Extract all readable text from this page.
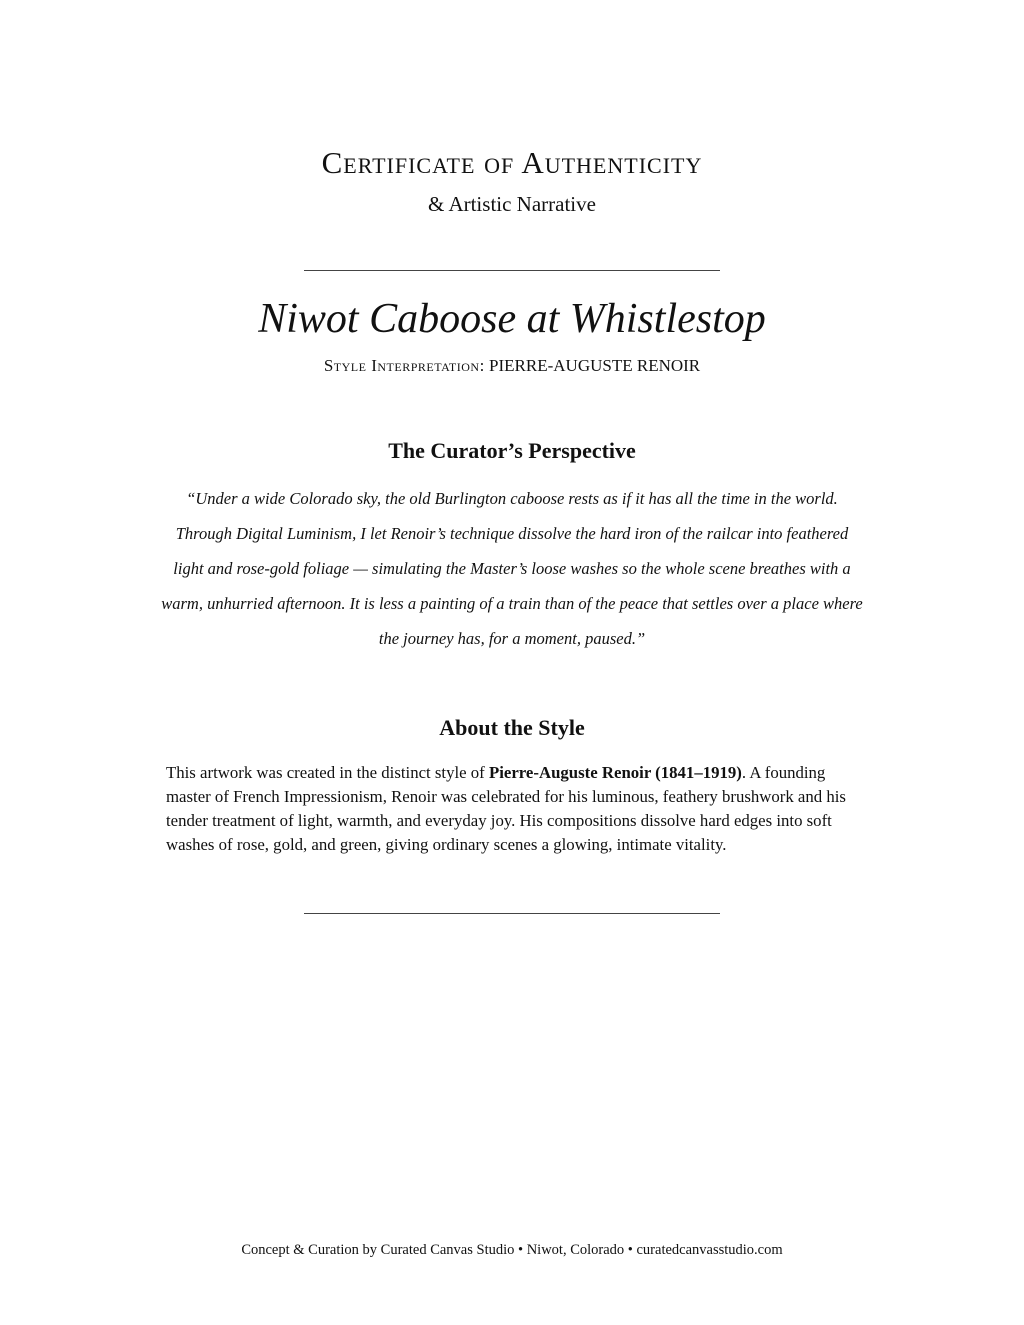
Certificate of Authenticity
& Artistic Narrative
Niwot Caboose at Whistlestop
Style Interpretation: PIERRE-AUGUSTE RENOIR
The Curator’s Perspective

“Under a wide Colorado sky, the old Burlington caboose rests as if it has all the time in the world. Through Digital Luminism, I let Renoir’s technique dissolve the hard iron of the railcar into feathered light and rose-gold foliage — simulating the Master’s loose washes so the whole scene breathes with a warm, unhurried afternoon. It is less a painting of a train than of the peace that settles over a place where the journey has, for a moment, paused.”

About the Style

This artwork was created in the distinct style of Pierre-Auguste Renoir (1841–1919). A founding master of French Impressionism, Renoir was celebrated for his luminous, feathery brushwork and his tender treatment of light, warmth, and everyday joy. His compositions dissolve hard edges into soft washes of rose, gold, and green, giving ordinary scenes a glowing, intimate vitality.

Concept & Curation by Curated Canvas Studio • Niwot, Colorado • curatedcanvasstudio.com
